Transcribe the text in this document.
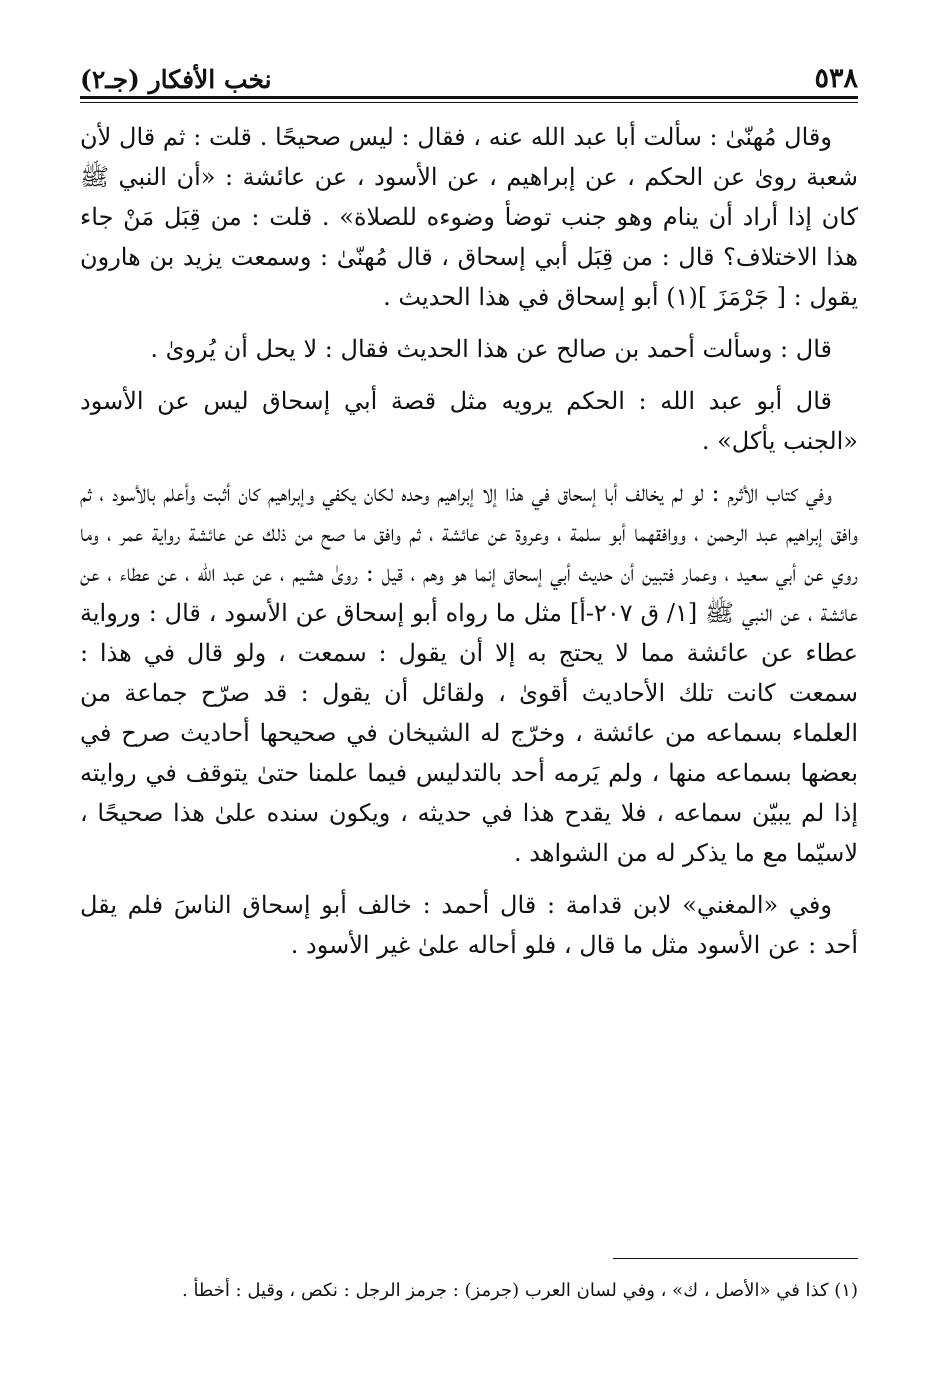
٥٣٨
نخب الأفكار (جـ٢)

وقال مُهنّىٰ : سألت أبا عبد الله عنه ، فقال : ليس صحيحًا . قلت : ثم قال لأن شعبة روىٰ عن الحكم ، عن إبراهيم ، عن الأسود ، عن عائشة : «أن النبي ﷺ كان إذا أراد أن ينام وهو جنب توضأ وضوءه للصلاة» . قلت : من قِبَل مَنْ جاء هذا الاختلاف؟ قال : من قِبَل أبي إسحاق ، قال مُهنّىٰ : وسمعت يزيد بن هارون يقول : [ جَرْمَزَ ](١) أبو إسحاق في هذا الحديث .

قال : وسألت أحمد بن صالح عن هذا الحديث فقال : لا يحل أن يُروىٰ .

قال أبو عبد الله : الحكم يرويه مثل قصة أبي إسحاق ليس عن الأسود «الجنب يأكل» .

وفي كتاب الأثرم : لو لم يخالف أبا إسحاق في هذا إلا إبراهيم وحده لكان يكفي وإبراهيم كان أثبت وأعلم بالأسود ، ثم وافق إبراهيم عبد الرحمن ، ووافقهما أبو سلمة ، وعروة عن عائشة ، ثم وافق ما صح من ذلك عن عائشة رواية عمر ، وما روي عن أبي سعيد ، وعمار فتبين أن حديث أبي إسحاق إنما هو وهم ، قيل : روىٰ هشيم ، عن عبد الله ، عن عطاء ، عن عائشة ، عن النبي ﷺ [١/ ق ٢٠٧-أ] مثل ما رواه أبو إسحاق عن الأسود ، قال : ورواية عطاء عن عائشة مما لا يحتج به إلا أن يقول : سمعت ، ولو قال في هذا : سمعت كانت تلك الأحاديث أقوىٰ ، ولقائل أن يقول : قد صرّح جماعة من العلماء بسماعه من عائشة ، وخرّج له الشيخان في صحيحها أحاديث صرح في بعضها بسماعه منها ، ولم يَرمه أحد بالتدليس فيما علمنا حتىٰ يتوقف في روايته إذا لم يبيّن سماعه ، فلا يقدح هذا في حديثه ، ويكون سنده علىٰ هذا صحيحًا ، لاسيّما مع ما يذكر له من الشواهد .

وفي «المغني» لابن قدامة : قال أحمد : خالف أبو إسحاق الناسَ فلم يقل أحد : عن الأسود مثل ما قال ، فلو أحاله علىٰ غير الأسود .

(١) كذا في «الأصل ، ك» ، وفي لسان العرب (جرمز) : جرمز الرجل : نكص ، وقيل : أخطأ .
